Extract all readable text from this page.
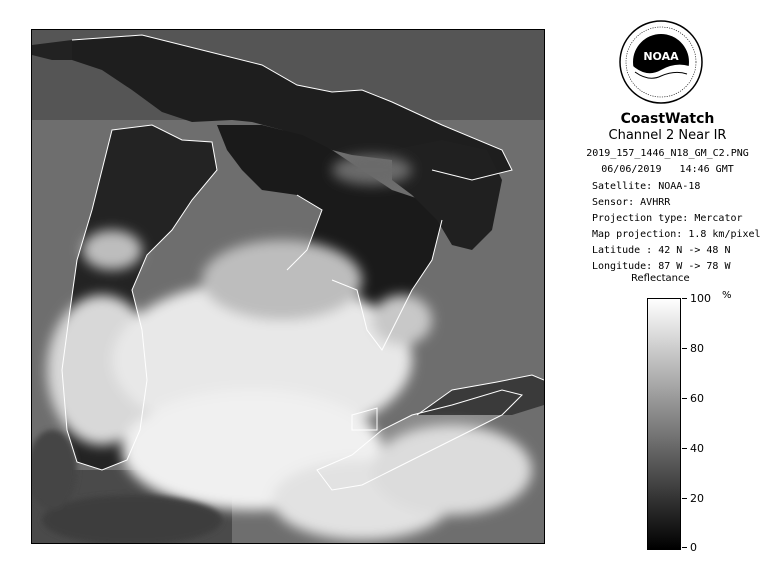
NOAA
CoastWatch
Channel 2 Near IR
2019_157_1446_N18_GM_C2.PNG
06/06/2019 14:46 GMT
Satellite: NOAA-18
Sensor: AVHRR
Projection type: Mercator
Map projection: 1.8 km/pixel
Latitude : 42 N -> 48 N
Longitude: 87 W -> 78 W
Reflectance
100 %
80
60
40
20
0
